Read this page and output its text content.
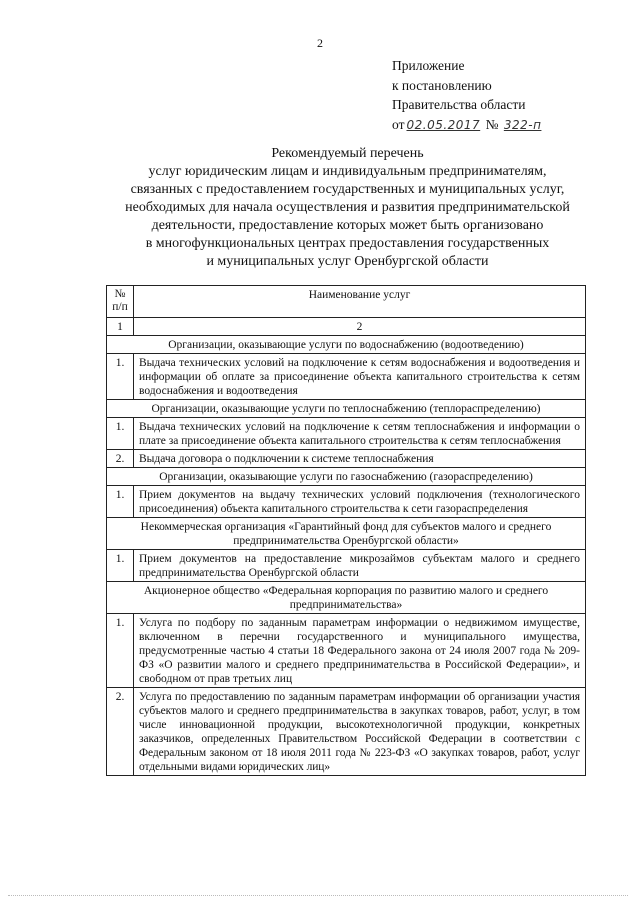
2
Приложение
к постановлению
Правительства области
от 02.05.2017 № 322-п
Рекомендуемый перечень
услуг юридическим лицам и индивидуальным предпринимателям,
связанных с предоставлением государственных и муниципальных услуг,
необходимых для начала осуществления и развития предпринимательской
деятельности, предоставление которых может быть организовано
в многофункциональных центрах предоставления государственных
и муниципальных услуг Оренбургской области
№ п/п	Наименование услуг
1	2
Организации, оказывающие услуги по водоснабжению (водоотведению)	
1.	Выдача технических условий на подключение к сетям водоснабжения и водоотведения и информации об оплате за присоединение объекта капитального строительства к сетям водоснабжения и водоотведения
Организации, оказывающие услуги по теплоснабжению (теплораспределению)	
1.	Выдача технических условий на подключение к сетям теплоснабжения и информации о плате за присоединение объекта капитального строительства к сетям теплоснабжения
2.	Выдача договора о подключении к системе теплоснабжения
Организации, оказывающие услуги по газоснабжению (газораспределению)	
1.	Прием документов на выдачу технических условий подключения (технологического присоединения) объекта капитального строительства к сети газораспределения
Некоммерческая организация «Гарантийный фонд для субъектов малого и среднего предпринимательства Оренбургской области»	
1.	Прием документов на предоставление микрозаймов субъектам малого и среднего предпринимательства Оренбургской области
Акционерное общество «Федеральная корпорация по развитию малого и среднего предпринимательства»	
1.	Услуга по подбору по заданным параметрам информации о недвижимом имуществе, включенном в перечни государственного и муниципального имущества, предусмотренные частью 4 статьи 18 Федерального закона от 24 июля 2007 года № 209-ФЗ «О развитии малого и среднего предпринимательства в Российской Федерации», и свободном от прав третьих лиц
2.	Услуга по предоставлению по заданным параметрам информации об организации участия субъектов малого и среднего предпринимательства в закупках товаров, работ, услуг, в том числе инновационной продукции, высокотехнологичной продукции, конкретных заказчиков, определенных Правительством Российской Федерации в соответствии с Федеральным законом от 18 июля 2011 года № 223-ФЗ «О закупках товаров, работ, услуг отдельными видами юридических лиц»
